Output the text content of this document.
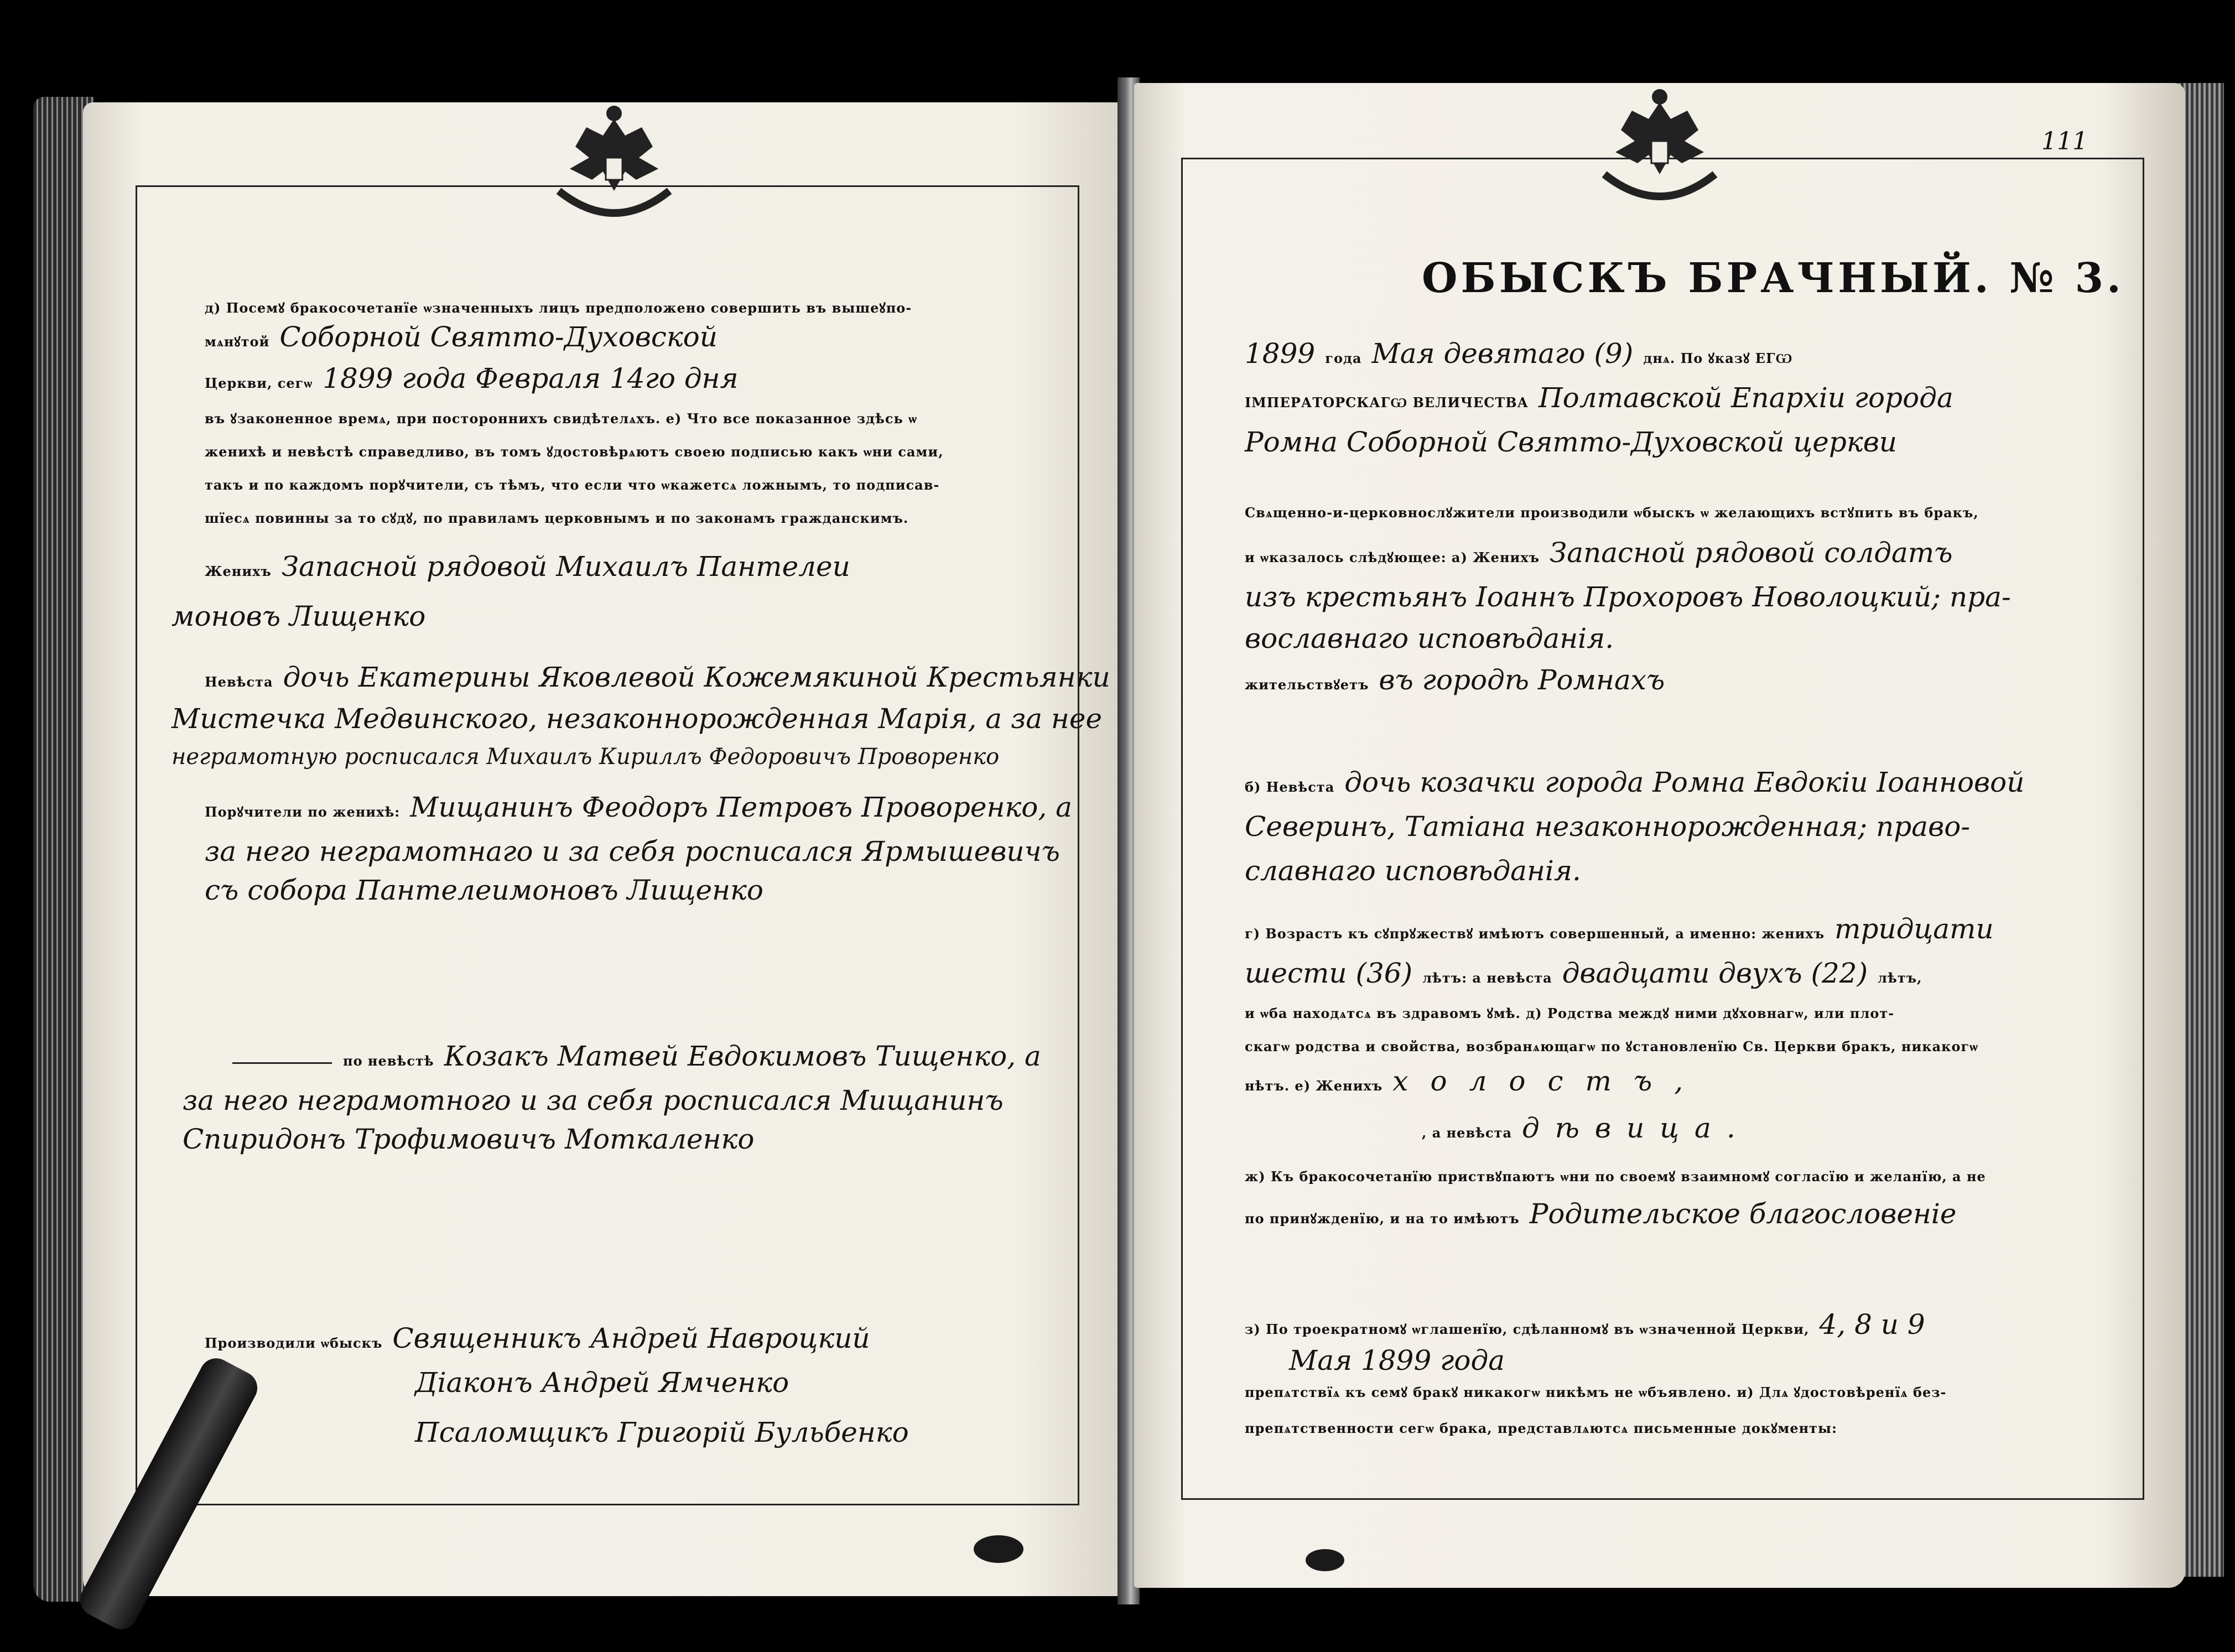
д) Посемꙋ бракосочетанїе ѡзначенныхъ лицъ предположено совершить въ вышеꙋпо-
мѧнꙋтой Соборной Святто-Духовской
Церкви, сегѡ 1899 года Февраля 14го дня
въ ꙋзаконенное времѧ, при постороннихъ свидѣтелѧхъ. е) Что все показанное здѣсь ѡ
женихѣ и невѣстѣ справедливо, въ томъ ꙋдостовѣрѧютъ своею подписью какъ ѡни сами,
такъ и по каждомъ порꙋчители, съ тѣмъ, что если что ѡкажетсѧ ложнымъ, то подписав-
шїесѧ повинны за то сꙋдꙋ, по правиламъ церковнымъ и по законамъ гражданскимъ.
Женихъ Запасной рядовой Михаилъ Пантелеи
моновъ Лищенко
Невѣста дочь Екатерины Яковлевой Кожемякиной Крестьянки
Мистечка Медвинского, незаконнорожденная Марія, а за нее
неграмотную росписался Михаилъ Кириллъ Федоровичъ Проворенко
Порꙋчители по женихѣ: Мищанинъ Феодоръ Петровъ Проворенко, а
за него неграмотнаго и за себя росписался Ярмышевичъ
съ собора Пантелеимоновъ Лищенко
по невѣстѣ Козакъ Матвей Евдокимовъ Тищенко, а
за него неграмотного и за себя росписался Мищанинъ
Спиридонъ Трофимовичъ Моткаленко
Производили ѡбыскъ Священникъ Андрей Навроцкий
Діаконъ Андрей Ямченко
Псаломщикъ Григорій Бульбенко
111
ОБЫСКЪ БРАЧНЫЙ. № 3.
1899 года Мая девятаго (9) днѧ. По ꙋказꙋ ЕГѠ
ІМПЕРАТОРСКАГѠ ВЕЛИЧЕСТВА Полтавской Епархіи города
Ромна Соборной Святто-Духовской церкви
Свѧщенно-и-церковнослꙋжители производили ѡбыскъ ѡ желающихъ встꙋпить въ бракъ,
и ѡказалось слѣдꙋющее: а) Женихъ Запасной рядовой солдатъ
изъ крестьянъ Іоаннъ Прохоровъ Новолоцкий; пра-
вославнаго исповѣданія.
жительствꙋетъ въ городѣ Ромнахъ
б) Невѣста дочь козачки города Ромна Евдокіи Іоанновой
Северинъ, Татіана незаконнорожденная; право-
славнаго исповѣданія.
г) Возрастъ къ сꙋпрꙋжествꙋ имѣютъ совершенный, а именно: женихъ тридцати
шести (36) лѣтъ: а невѣста двадцати двухъ (22) лѣтъ,
и ѡба находѧтсѧ въ здравомъ ꙋмѣ. д) Родства междꙋ ними дꙋховнагѡ, или плот-
скагѡ родства и свойства, возбранѧющагѡ по ꙋстановленїю Св. Церкви бракъ, никакогѡ
нѣтъ. е) Женихъ холостъ,
, а невѣста дѣвица.
ж) Къ бракосочетанїю приствꙋпаютъ ѡни по своемꙋ взаимномꙋ согласїю и желанїю, а не
по принꙋжденїю, и на то имѣютъ Родительское благословеніе
з) По троекратномꙋ ѡглашенїю, сдѣланномꙋ въ ѡзначенной Церкви, 4, 8 и 9
Мая 1899 года
препѧтствїѧ къ семꙋ бракꙋ никакогѡ никѣмъ не ѡбъявлено. и) Длѧ ꙋдостовѣренїѧ без-
препѧтственности сегѡ брака, представлѧютсѧ письменные докꙋменты:
